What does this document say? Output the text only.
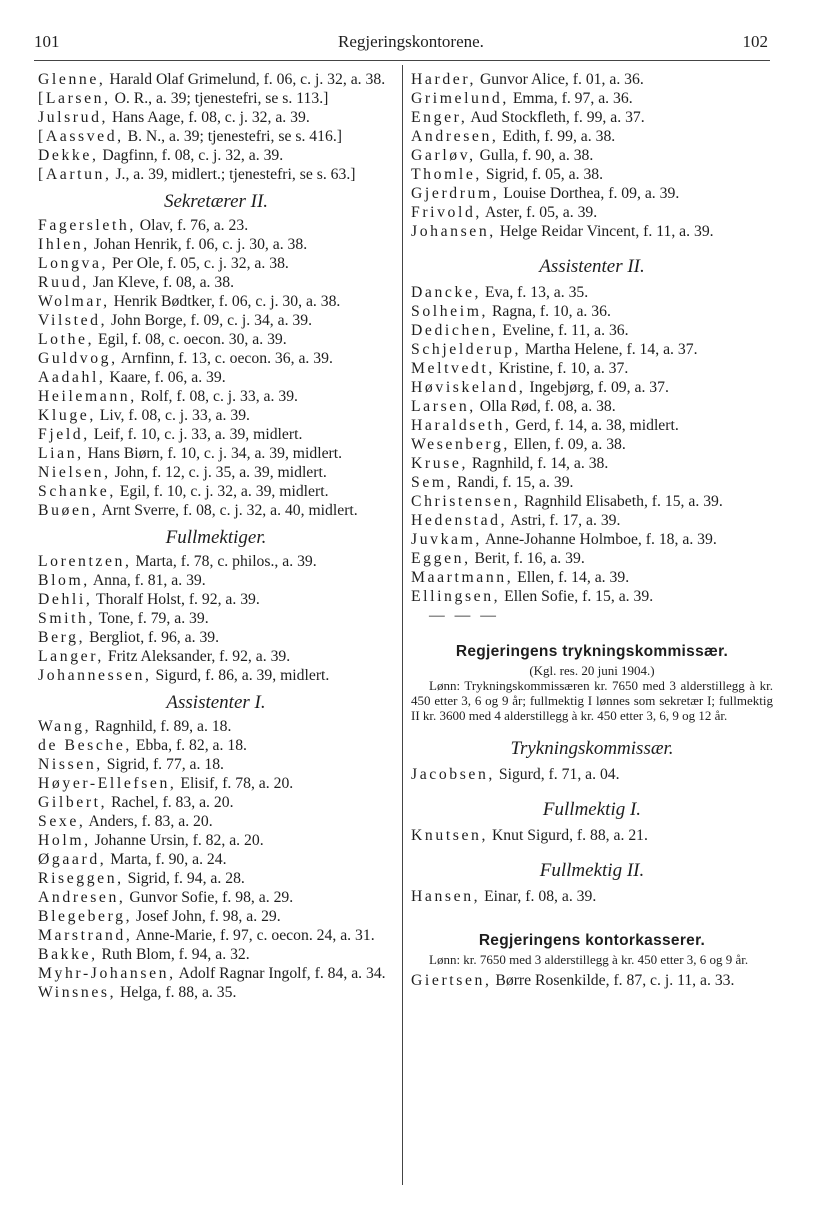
101	Regjeringskontorene.	102
Glenne, Harald Olaf Grimelund, f. 06, c. j. 32, a. 38.
[Larsen, O. R., a. 39; tjenestefri, se s. 113.]
Julsrud, Hans Aage, f. 08, c. j. 32, a. 39.
[Aassved, B. N., a. 39; tjenestefri, se s. 416.]
Dekke, Dagfinn, f. 08, c. j. 32, a. 39.
[Aartun, J., a. 39, midlert.; tjenestefri, se s. 63.]
Sekretærer II.
Fagersleth, Olav, f. 76, a. 23.
Ihlen, Johan Henrik, f. 06, c. j. 30, a. 38.
Longva, Per Ole, f. 05, c. j. 32, a. 38.
Ruud, Jan Kleve, f. 08, a. 38.
Wolmar, Henrik Bødtker, f. 06, c. j. 30, a. 38.
Vilsted, John Borge, f. 09, c. j. 34, a. 39.
Lothe, Egil, f. 08, c. oecon. 30, a. 39.
Guldvog, Arnfinn, f. 13, c. oecon. 36, a. 39.
Aadahl, Kaare, f. 06, a. 39.
Heilemann, Rolf, f. 08, c. j. 33, a. 39.
Kluge, Liv, f. 08, c. j. 33, a. 39.
Fjeld, Leif, f. 10, c. j. 33, a. 39, midlert.
Lian, Hans Biørn, f. 10, c. j. 34, a. 39, midlert.
Nielsen, John, f. 12, c. j. 35, a. 39, midlert.
Schanke, Egil, f. 10, c. j. 32, a. 39, midlert.
Buøen, Arnt Sverre, f. 08, c. j. 32, a. 40, midlert.
Fullmektiger.
Lorentzen, Marta, f. 78, c. philos., a. 39.
Blom, Anna, f. 81, a. 39.
Dehli, Thoralf Holst, f. 92, a. 39.
Smith, Tone, f. 79, a. 39.
Berg, Bergliot, f. 96, a. 39.
Langer, Fritz Aleksander, f. 92, a. 39.
Johannessen, Sigurd, f. 86, a. 39, midlert.
Assistenter I.
Wang, Ragnhild, f. 89, a. 18.
de Besche, Ebba, f. 82, a. 18.
Nissen, Sigrid, f. 77, a. 18.
Høyer-Ellefsen, Elisif, f. 78, a. 20.
Gilbert, Rachel, f. 83, a. 20.
Sexe, Anders, f. 83, a. 20.
Holm, Johanne Ursin, f. 82, a. 20.
Øgaard, Marta, f. 90, a. 24.
Riseggen, Sigrid, f. 94, a. 28.
Andresen, Gunvor Sofie, f. 98, a. 29.
Blegeberg, Josef John, f. 98, a. 29.
Marstrand, Anne-Marie, f. 97, c. oecon. 24, a. 31.
Bakke, Ruth Blom, f. 94, a. 32.
Myhr-Johansen, Adolf Ragnar Ingolf, f. 84, a. 34.
Winsnes, Helga, f. 88, a. 35.
Harder, Gunvor Alice, f. 01, a. 36.
Grimelund, Emma, f. 97, a. 36.
Enger, Aud Stockfleth, f. 99, a. 37.
Andresen, Edith, f. 99, a. 38.
Garløv, Gulla, f. 90, a. 38.
Thomle, Sigrid, f. 05, a. 38.
Gjerdrum, Louise Dorthea, f. 09, a. 39.
Frivold, Aster, f. 05, a. 39.
Johansen, Helge Reidar Vincent, f. 11, a. 39.
Assistenter II.
Dancke, Eva, f. 13, a. 35.
Solheim, Ragna, f. 10, a. 36.
Dedichen, Eveline, f. 11, a. 36.
Schjelderup, Martha Helene, f. 14, a. 37.
Meltvedt, Kristine, f. 10, a. 37.
Høviskeland, Ingebjørg, f. 09, a. 37.
Larsen, Olla Rød, f. 08, a. 38.
Haraldseth, Gerd, f. 14, a. 38, midlert.
Wesenberg, Ellen, f. 09, a. 38.
Kruse, Ragnhild, f. 14, a. 38.
Sem, Randi, f. 15, a. 39.
Christensen, Ragnhild Elisabeth, f. 15, a. 39.
Hedenstad, Astri, f. 17, a. 39.
Juvkam, Anne-Johanne Holmboe, f. 18, a. 39.
Eggen, Berit, f. 16, a. 39.
Maartmann, Ellen, f. 14, a. 39.
Ellingsen, Ellen Sofie, f. 15, a. 39.
— — —
Regjeringens trykningskommissær.
(Kgl. res. 20 juni 1904.)
Lønn: Trykningskommissæren kr. 7650 med 3 alderstillegg à kr. 450 etter 3, 6 og 9 år; fullmektig I lønnes som sekretær I; fullmektig II kr. 3600 med 4 alderstillegg à kr. 450 etter 3, 6, 9 og 12 år.
Trykningskommissær.
Jacobsen, Sigurd, f. 71, a. 04.
Fullmektig I.
Knutsen, Knut Sigurd, f. 88, a. 21.
Fullmektig II.
Hansen, Einar, f. 08, a. 39.
Regjeringens kontorkasserer.
Lønn: kr. 7650 med 3 alderstillegg à kr. 450 etter 3, 6 og 9 år.
Giertsen, Børre Rosenkilde, f. 87, c. j. 11, a. 33.
